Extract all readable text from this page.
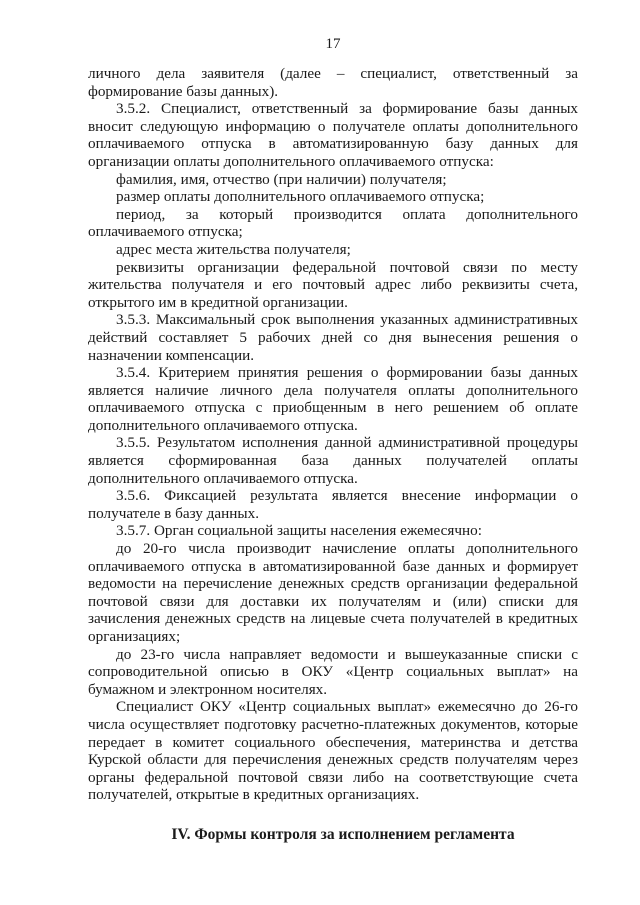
17

личного дела заявителя (далее – специалист, ответственный за формирование базы данных).

3.5.2. Специалист, ответственный за формирование базы данных вносит следующую информацию о получателе оплаты дополнительного оплачиваемого отпуска в автоматизированную базу данных для организации оплаты дополнительного оплачиваемого отпуска:

фамилия, имя, отчество (при наличии) получателя;

размер оплаты дополнительного оплачиваемого отпуска;

период, за который производится оплата дополнительного оплачиваемого отпуска;

адрес места жительства получателя;

реквизиты организации федеральной почтовой связи по месту жительства получателя и его почтовый адрес либо реквизиты счета, открытого им в кредитной организации.

3.5.3. Максимальный срок выполнения указанных административных действий составляет 5 рабочих дней со дня вынесения решения о назначении компенсации.

3.5.4. Критерием принятия решения о формировании базы данных является наличие личного дела получателя оплаты дополнительного оплачиваемого отпуска с приобщенным в него решением об оплате дополнительного оплачиваемого отпуска.

3.5.5. Результатом исполнения данной административной процедуры является сформированная база данных получателей оплаты дополнительного оплачиваемого отпуска.

3.5.6. Фиксацией результата является внесение информации о получателе в базу данных.

3.5.7. Орган социальной защиты населения ежемесячно:

до 20-го числа производит начисление оплаты дополнительного оплачиваемого отпуска в автоматизированной базе данных и формирует ведомости на перечисление денежных средств организации федеральной почтовой связи для доставки их получателям и (или) списки для зачисления денежных средств на лицевые счета получателей в кредитных организациях;

до 23-го числа направляет ведомости и вышеуказанные списки с сопроводительной описью в ОКУ «Центр социальных выплат» на бумажном и электронном носителях.

Специалист ОКУ «Центр социальных выплат» ежемесячно до 26-го числа осуществляет подготовку расчетно-платежных документов, которые передает в комитет социального обеспечения, материнства и детства Курской области для перечисления денежных средств получателям через органы федеральной почтовой связи либо на соответствующие счета получателей, открытые в кредитных организациях.

IV. Формы контроля за исполнением регламента
